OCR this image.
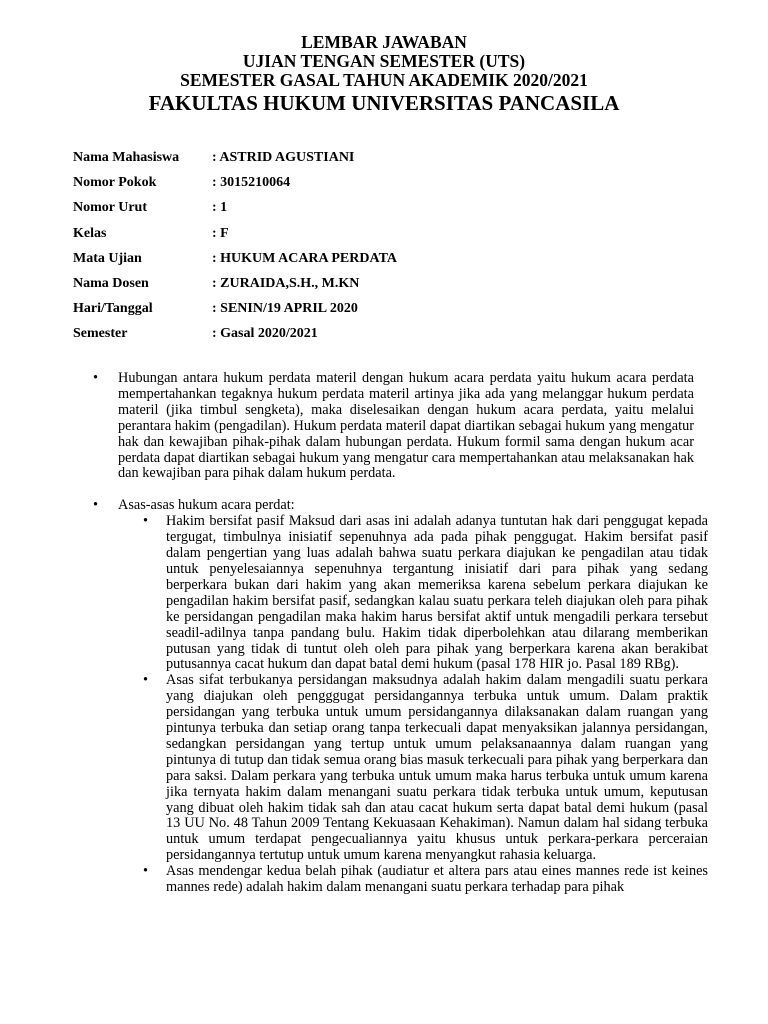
LEMBAR JAWABAN
UJIAN TENGAN SEMESTER (UTS)
SEMESTER GASAL TAHUN AKADEMIK 2020/2021
FAKULTAS HUKUM UNIVERSITAS PANCASILA
Nama Mahasiswa : ASTRID AGUSTIANI
Nomor Pokok	: 3015210064
Nomor Urut	: 1
Kelas	: F
Mata Ujian	: HUKUM ACARA PERDATA
Nama Dosen	: ZURAIDA,S.H., M.KN
Hari/Tanggal	: SENIN/19 APRIL 2020
Semester	: Gasal 2020/2021
• Hubungan antara hukum perdata materil dengan hukum acara perdata yaitu hukum acara perdata mempertahankan tegaknya hukum perdata materil artinya jika ada yang melanggar hukum perdata materil (jika timbul sengketa), maka diselesaikan dengan hukum acara perdata, yaitu melalui perantara hakim (pengadilan). Hukum perdata materil dapat diartikan sebagai hukum yang mengatur hak dan kewajiban pihak-pihak dalam hubungan perdata. Hukum formil sama dengan hukum acar perdata dapat diartikan sebagai hukum yang mengatur cara mempertahankan atau melaksanakan hak dan kewajiban para pihak dalam hukum perdata.
• Asas-asas hukum acara perdat:
• Hakim bersifat pasif Maksud dari asas ini adalah adanya tuntutan hak dari penggugat kepada tergugat, timbulnya inisiatif sepenuhnya ada pada pihak penggugat. Hakim bersifat pasif dalam pengertian yang luas adalah bahwa suatu perkara diajukan ke pengadilan atau tidak untuk penyelesaiannya sepenuhnya tergantung inisiatif dari para pihak yang sedang berperkara bukan dari hakim yang akan memeriksa karena sebelum perkara diajukan ke pengadilan hakim bersifat pasif, sedangkan kalau suatu perkara teleh diajukan oleh para pihak ke persidangan pengadilan maka hakim harus bersifat aktif untuk mengadili perkara tersebut seadil-adilnya tanpa pandang bulu. Hakim tidak diperbolehkan atau dilarang memberikan putusan yang tidak di tuntut oleh oleh para pihak yang berperkara karena akan berakibat putusannya cacat hukum dan dapat batal demi hukum (pasal 178 HIR jo. Pasal 189 RBg).
• Asas sifat terbukanya persidangan maksudnya adalah hakim dalam mengadili suatu perkara yang diajukan oleh pengggugat persidangannya terbuka untuk umum. Dalam praktik persidangan yang terbuka untuk umum persidangannya dilaksanakan dalam ruangan yang pintunya terbuka dan setiap orang tanpa terkecuali dapat menyaksikan jalannya persidangan, sedangkan persidangan yang tertup untuk umum pelaksanaannya dalam ruangan yang pintunya di tutup dan tidak semua orang bias masuk terkecuali para pihak yang berperkara dan para saksi. Dalam perkara yang terbuka untuk umum maka harus terbuka untuk umum karena jika ternyata hakim dalam menangani suatu perkara tidak terbuka untuk umum, keputusan yang dibuat oleh hakim tidak sah dan atau cacat hukum serta dapat batal demi hukum (pasal 13 UU No. 48 Tahun 2009 Tentang Kekuasaan Kehakiman). Namun dalam hal sidang terbuka untuk umum terdapat pengecualiannya yaitu khusus untuk perkara-perkara perceraian persidangannya tertutup untuk umum karena menyangkut rahasia keluarga.
• Asas mendengar kedua belah pihak (audiatur et altera pars atau eines mannes rede ist keines mannes rede) adalah hakim dalam menangani suatu perkara terhadap para pihak
